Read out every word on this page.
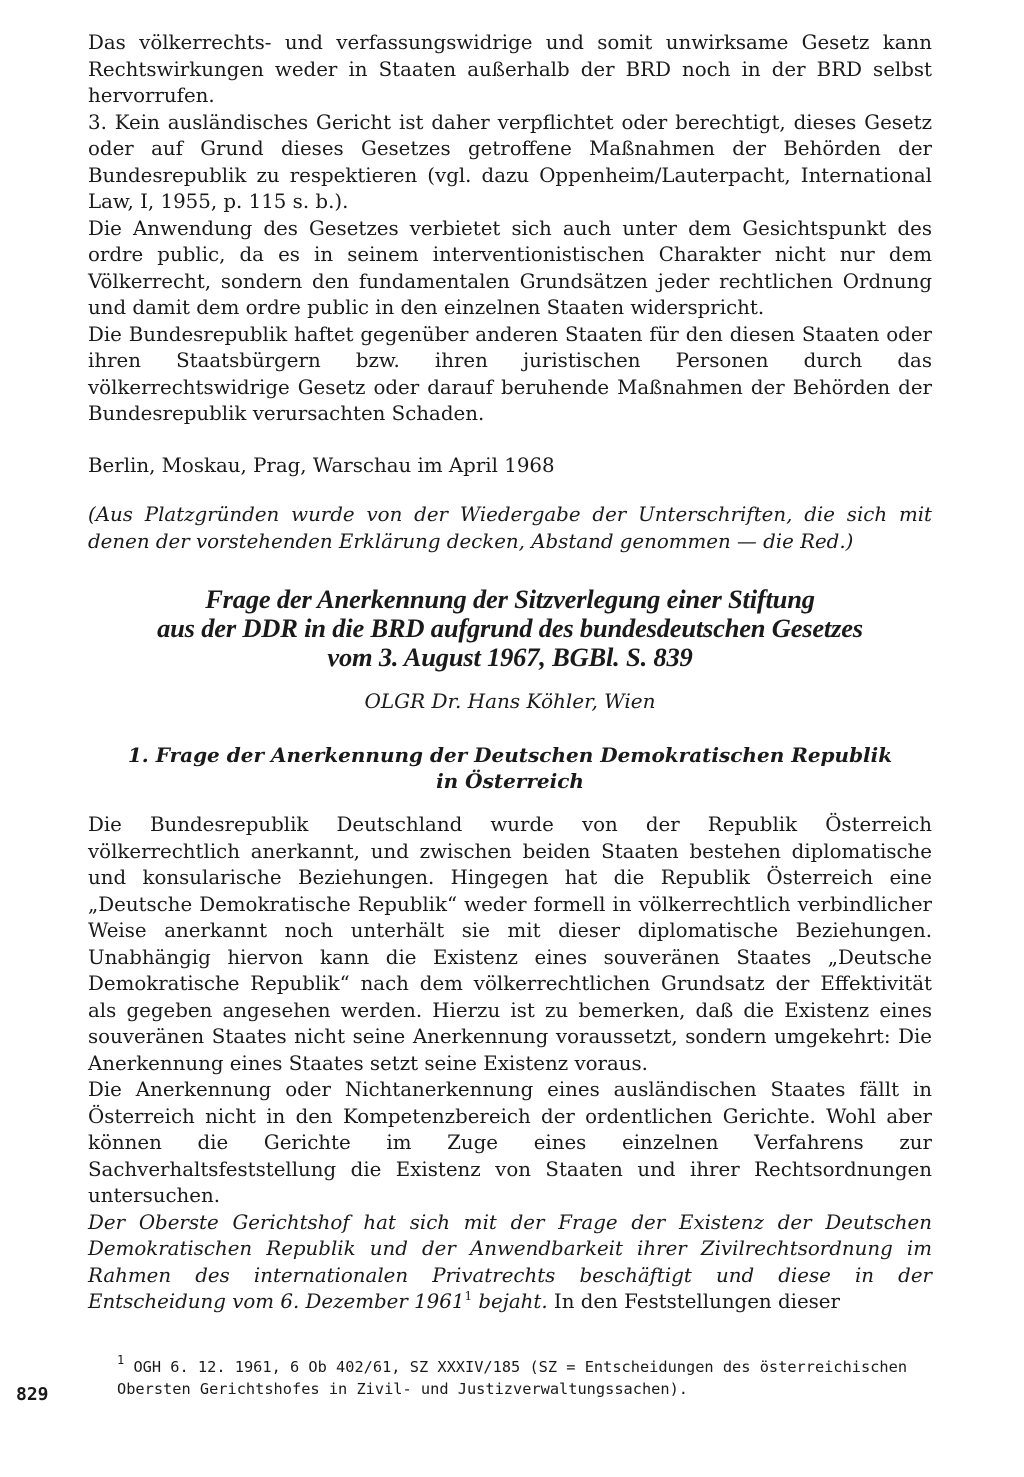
Das völkerrechts- und verfassungswidrige und somit unwirksame Gesetz kann Rechtswirkungen weder in Staaten außerhalb der BRD noch in der BRD selbst hervorrufen.

3. Kein ausländisches Gericht ist daher verpflichtet oder berechtigt, dieses Gesetz oder auf Grund dieses Gesetzes getroffene Maßnahmen der Behörden der Bundesrepublik zu respektieren (vgl. dazu Oppenheim/Lauterpacht, International Law, I, 1955, p. 115 s. b.).

Die Anwendung des Gesetzes verbietet sich auch unter dem Gesichtspunkt des ordre public, da es in seinem interventionistischen Charakter nicht nur dem Völkerrecht, sondern den fundamentalen Grundsätzen jeder rechtlichen Ordnung und damit dem ordre public in den einzelnen Staaten widerspricht.

Die Bundesrepublik haftet gegenüber anderen Staaten für den diesen Staaten oder ihren Staatsbürgern bzw. ihren juristischen Personen durch das völkerrechtswidrige Gesetz oder darauf beruhende Maßnahmen der Behörden der Bundesrepublik verursachten Schaden.

Berlin, Moskau, Prag, Warschau im April 1968

(Aus Platzgründen wurde von der Wiedergabe der Unterschriften, die sich mit denen der vorstehenden Erklärung decken, Abstand genommen — die Red.)

Frage der Anerkennung der Sitzverlegung einer Stiftung
aus der DDR in die BRD aufgrund des bundesdeutschen Gesetzes
vom 3. August 1967, BGBl. S. 839

OLGR Dr. Hans Köhler, Wien

1. Frage der Anerkennung der Deutschen Demokratischen Republik
in Österreich

Die Bundesrepublik Deutschland wurde von der Republik Österreich völkerrechtlich anerkannt, und zwischen beiden Staaten bestehen diplomatische und konsularische Beziehungen. Hingegen hat die Republik Österreich eine „Deutsche Demokratische Republik“ weder formell in völkerrechtlich verbindlicher Weise anerkannt noch unterhält sie mit dieser diplomatische Beziehungen. Unabhängig hiervon kann die Existenz eines souveränen Staates „Deutsche Demokratische Republik“ nach dem völkerrechtlichen Grundsatz der Effektivität als gegeben angesehen werden. Hierzu ist zu bemerken, daß die Existenz eines souveränen Staates nicht seine Anerkennung voraussetzt, sondern umgekehrt: Die Anerkennung eines Staates setzt seine Existenz voraus.

Die Anerkennung oder Nichtanerkennung eines ausländischen Staates fällt in Österreich nicht in den Kompetenzbereich der ordentlichen Gerichte. Wohl aber können die Gerichte im Zuge eines einzelnen Verfahrens zur Sachverhaltsfeststellung die Existenz von Staaten und ihrer Rechtsordnungen untersuchen.

Der Oberste Gerichtshof hat sich mit der Frage der Existenz der Deutschen Demokratischen Republik und der Anwendbarkeit ihrer Zivilrechtsordnung im Rahmen des internationalen Privatrechts beschäftigt und diese in der Entscheidung vom 6. Dezember 1961$^1$ bejaht. In den Feststellungen dieser

$^1$ OGH 6. 12. 1961, 6 Ob 402/61, SZ XXXIV/185 (SZ = Entscheidungen des österreichischen Obersten Gerichtshofes in Zivil- und Justizverwaltungssachen).

829
